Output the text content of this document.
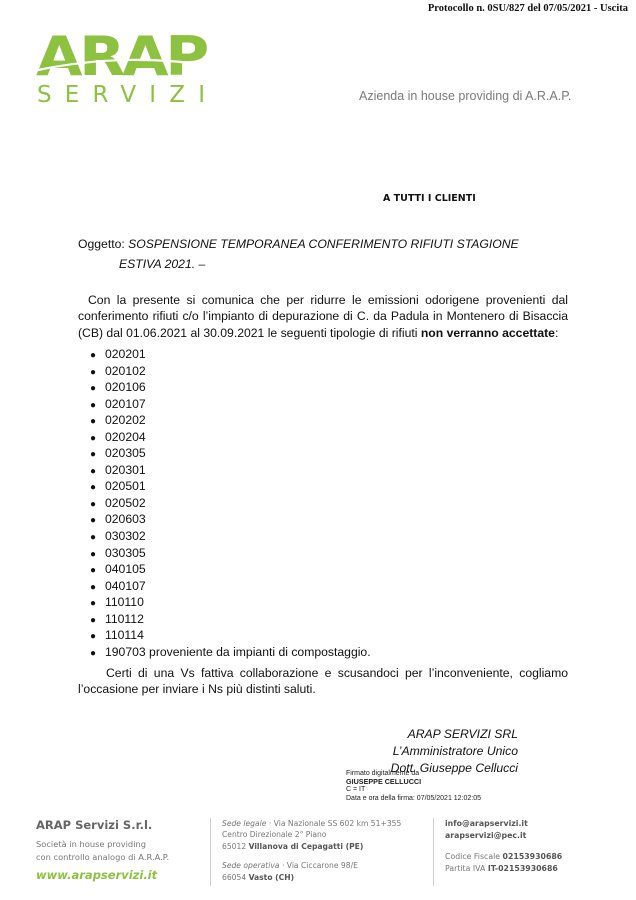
Protocollo n. 0SU/827 del 07/05/2021 - Uscita
ARAP
SERVIZI	Azienda in house providing di A.R.A.P.
A TUTTI I CLIENTI
Oggetto: SOSPENSIONE TEMPORANEA CONFERIMENTO RIFIUTI STAGIONE
ESTIVA 2021. –
Con la presente si comunica che per ridurre le emissioni odorigene provenienti dal conferimento rifiuti c/o l’impianto di depurazione di C. da Padula in Montenero di Bisaccia (CB) dal 01.06.2021 al 30.09.2021 le seguenti tipologie di rifiuti non verranno accettate:
● 020201
● 020102
● 020106
● 020107
● 020202
● 020204
● 020305
● 020301
● 020501
● 020502
● 020603
● 030302
● 030305
● 040105
● 040107
● 110110
● 110112
● 110114
● 190703 proveniente da impianti di compostaggio.
Certi di una Vs fattiva collaborazione e scusandoci per l’inconveniente, cogliamo l’occasione per inviare i Ns più distinti saluti.
ARAP SERVIZI SRL
L’Amministratore Unico
Dott. Giuseppe Cellucci
Firmato digitalmente da
GIUSEPPE CELLUCCI
C = IT
Data e ora della firma: 07/05/2021 12:02:05
ARAP Servizi S.r.l.
Società in house providing
con controllo analogo di A.R.A.P.
www.arapservizi.it
Sede legale · Via Nazionale SS 602 km 51+355
Centro Direzionale 2° Piano
65012 Villanova di Cepagatti (PE)
Sede operativa · Via Ciccarone 98/E
66054 Vasto (CH)
info@arapservizi.it
arapservizi@pec.it
Codice Fiscale 02153930686
Partita IVA IT-02153930686
